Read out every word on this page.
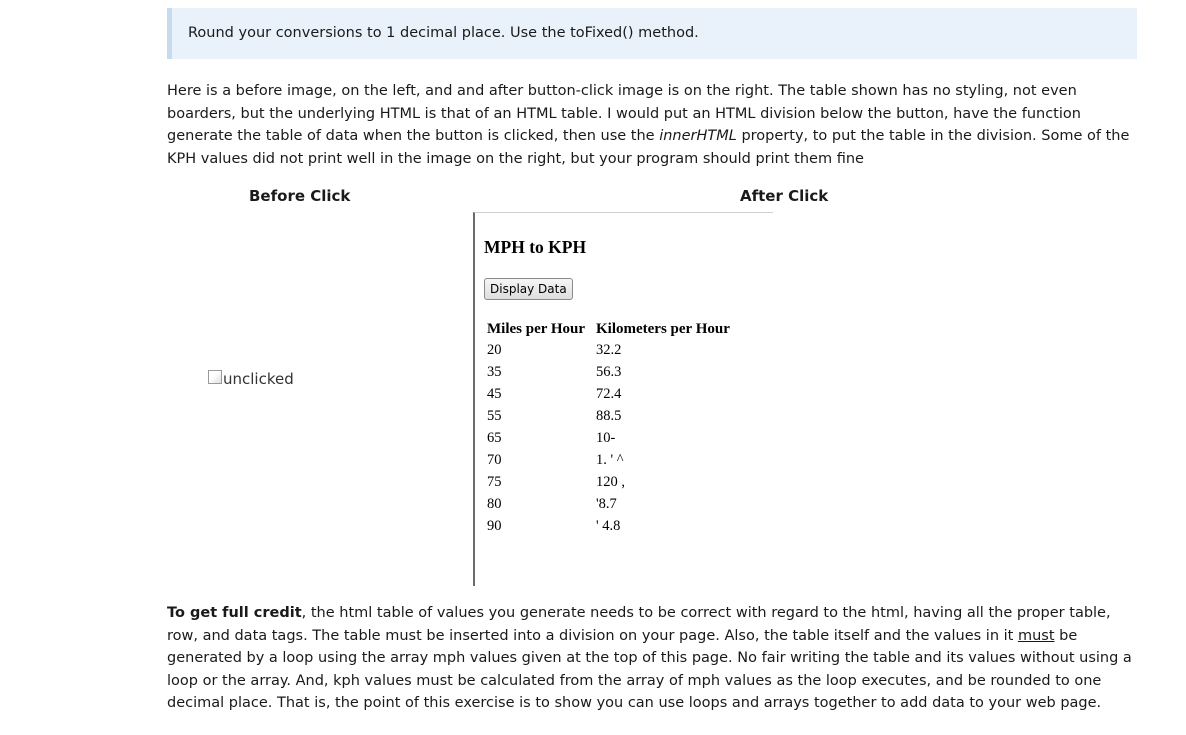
Round your conversions to 1 decimal place. Use the toFixed() method.

Here is a before image, on the left, and and after button-click image is on the right. The table shown has no styling, not even boarders, but the underlying HTML is that of an HTML table. I would put an HTML division below the button, have the function generate the table of data when the button is clicked, then use the innerHTML property, to put the table in the division. Some of the KPH values did not print well in the image on the right, but your program should print them fine

Before Click	After Click
unclicked
MPH to KPH
Display Data
Miles per Hour	Kilometers per Hour
20	32.2
35	56.3
45	72.4
55	88.5
65	10-
70	1. ' ^
75	120 ,
80	'8.7
90	' 4.8

To get full credit, the html table of values you generate needs to be correct with regard to the html, having all the proper table, row, and data tags. The table must be inserted into a division on your page. Also, the table itself and the values in it must be generated by a loop using the array mph values given at the top of this page. No fair writing the table and its values without using a loop or the array. And, kph values must be calculated from the array of mph values as the loop executes, and be rounded to one decimal place. That is, the point of this exercise is to show you can use loops and arrays together to add data to your web page.
